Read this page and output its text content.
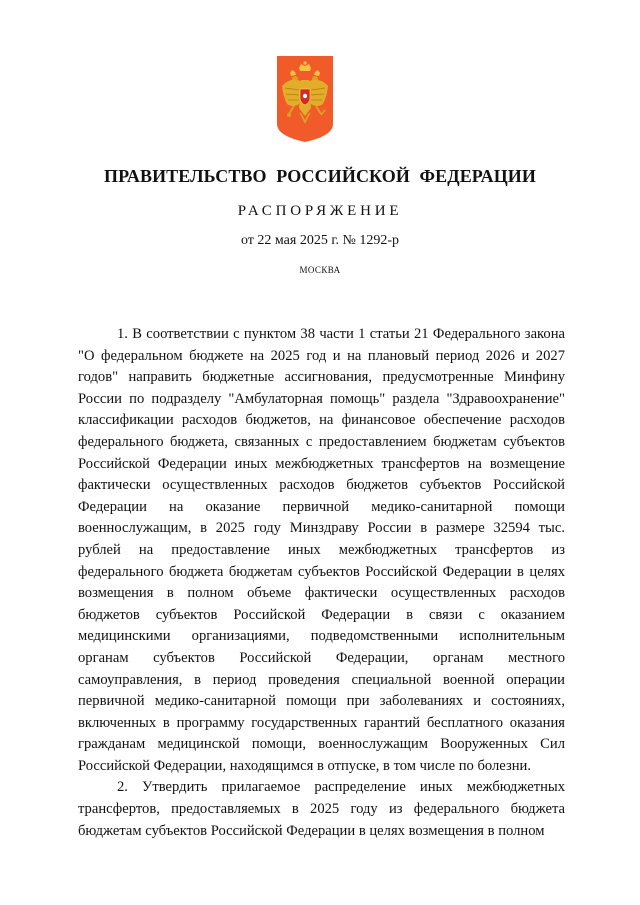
ПРАВИТЕЛЬСТВО РОССИЙСКОЙ ФЕДЕРАЦИИ
РАСПОРЯЖЕНИЕ
от 22 мая 2025 г. № 1292-р
МОСКВА

1. В соответствии с пунктом 38 части 1 статьи 21 Федерального закона "О федеральном бюджете на 2025 год и на плановый период 2026 и 2027 годов" направить бюджетные ассигнования, предусмотренные Минфину России по подразделу "Амбулаторная помощь" раздела "Здравоохранение" классификации расходов бюджетов, на финансовое обеспечение расходов федерального бюджета, связанных с предоставлением бюджетам субъектов Российской Федерации иных межбюджетных трансфертов на возмещение фактически осуществленных расходов бюджетов субъектов Российской Федерации на оказание первичной медико-санитарной помощи военнослужащим, в 2025 году Минздраву России в размере 32594 тыс. рублей на предоставление иных межбюджетных трансфертов из федерального бюджета бюджетам субъектов Российской Федерации в целях возмещения в полном объеме фактически осуществленных расходов бюджетов субъектов Российской Федерации в связи с оказанием медицинскими организациями, подведомственными исполнительным органам субъектов Российской Федерации, органам местного самоуправления, в период проведения специальной военной операции первичной медико-санитарной помощи при заболеваниях и состояниях, включенных в программу государственных гарантий бесплатного оказания гражданам медицинской помощи, военнослужащим Вооруженных Сил Российской Федерации, находящимся в отпуске, в том числе по болезни.

2. Утвердить прилагаемое распределение иных межбюджетных трансфертов, предоставляемых в 2025 году из федерального бюджета бюджетам субъектов Российской Федерации в целях возмещения в полном
